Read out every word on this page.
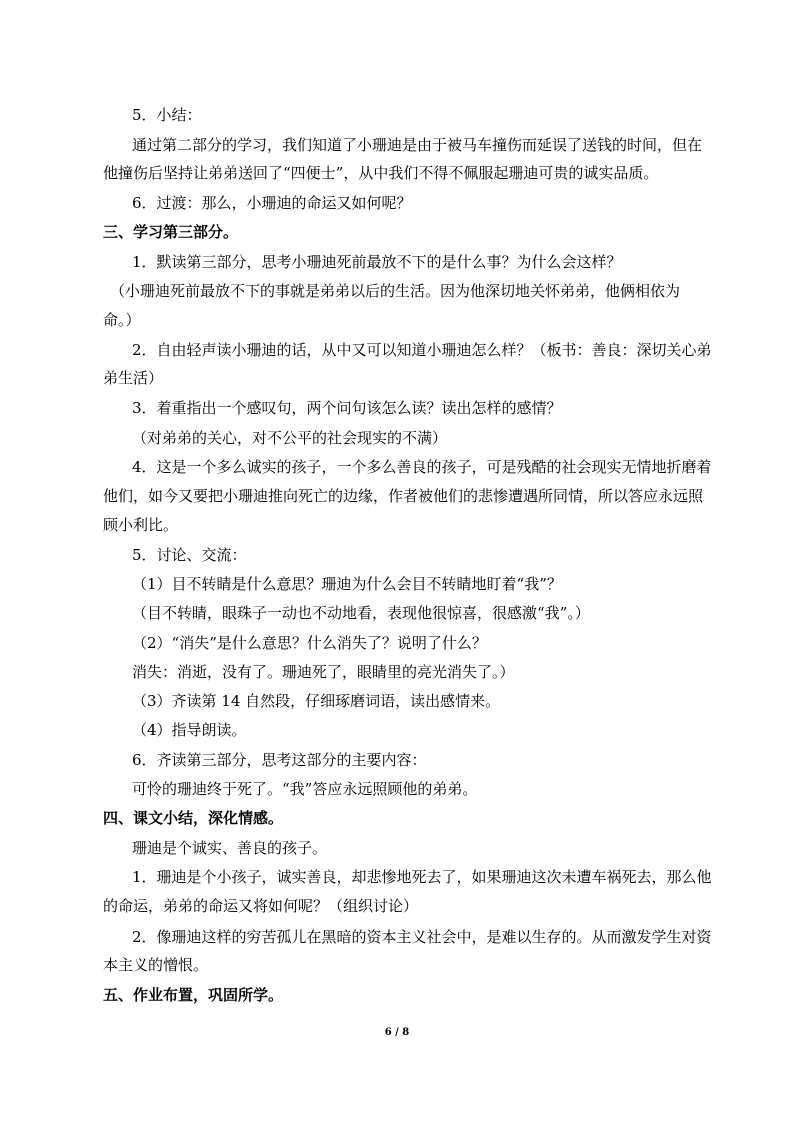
5．小结：
通过第二部分的学习，我们知道了小珊迪是由于被马车撞伤而延误了送钱的时间，但在
他撞伤后坚持让弟弟送回了“四便士”，从中我们不得不佩服起珊迪可贵的诚实品质。
6．过渡：那么，小珊迪的命运又如何呢？
三、学习第三部分。
1．默读第三部分，思考小珊迪死前最放不下的是什么事？为什么会这样？
（小珊迪死前最放不下的事就是弟弟以后的生活。因为他深切地关怀弟弟，他俩相依为
命。）
2．自由轻声读小珊迪的话，从中又可以知道小珊迪怎么样？（板书：善良：深切关心弟
弟生活）
3．着重指出一个感叹句，两个问句该怎么读？读出怎样的感情？
（对弟弟的关心，对不公平的社会现实的不满）
4．这是一个多么诚实的孩子，一个多么善良的孩子，可是残酷的社会现实无情地折磨着
他们，如今又要把小珊迪推向死亡的边缘，作者被他们的悲惨遭遇所同情，所以答应永远照
顾小利比。
5．讨论、交流：
（1）目不转睛是什么意思？珊迪为什么会目不转睛地盯着“我”？
（目不转睛，眼珠子一动也不动地看，表现他很惊喜，很感激“我”。）
（2）“消失”是什么意思？什么消失了？说明了什么？
消失：消逝，没有了。珊迪死了，眼睛里的亮光消失了。）
（3）齐读第 14 自然段，仔细琢磨词语，读出感情来。
（4）指导朗读。
6．齐读第三部分，思考这部分的主要内容：
可怜的珊迪终于死了。“我”答应永远照顾他的弟弟。
四、课文小结，深化情感。
珊迪是个诚实、善良的孩子。
1．珊迪是个小孩子，诚实善良，却悲惨地死去了，如果珊迪这次未遭车祸死去，那么他
的命运，弟弟的命运又将如何呢？（组织讨论）
2．像珊迪这样的穷苦孤儿在黑暗的资本主义社会中，是难以生存的。从而激发学生对资
本主义的憎恨。
五、作业布置，巩固所学。
6 / 8
